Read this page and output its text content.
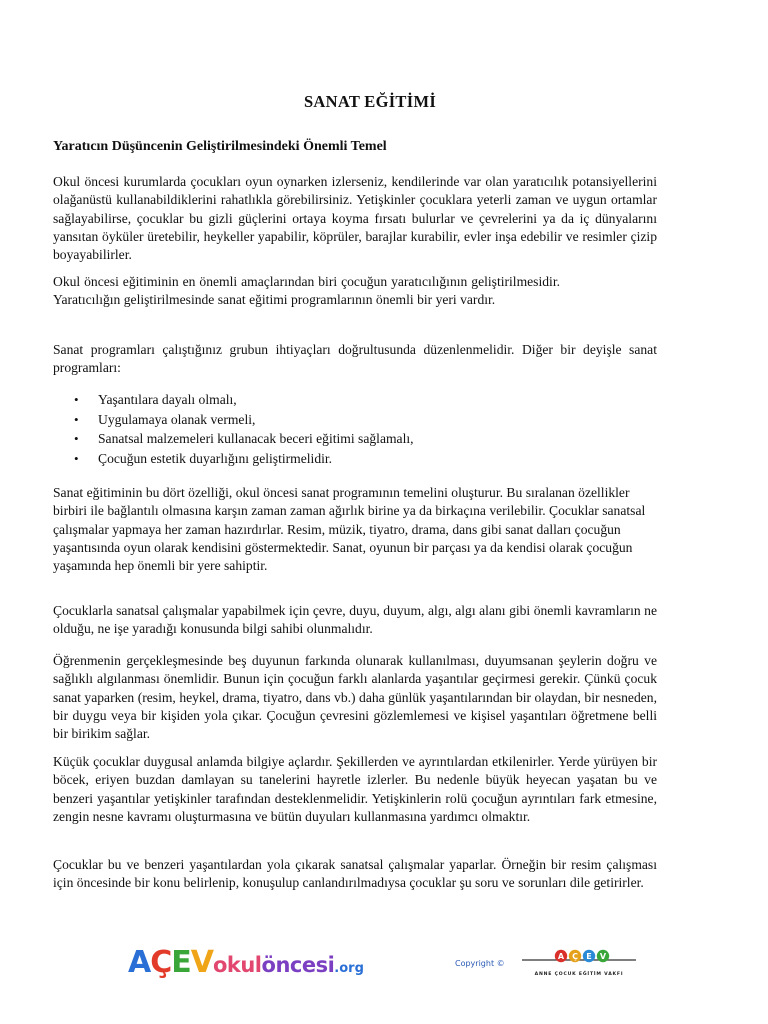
SANAT EĞİTİMİ
Yaratıcın Düşüncenin Geliştirilmesindeki Önemli Temel
Okul öncesi kurumlarda çocukları oyun oynarken izlerseniz, kendilerinde var olan yaratıcılık potansiyellerini olağanüstü kullanabildiklerini rahatlıkla görebilirsiniz. Yetişkinler çocuklara yeterli zaman ve uygun ortamlar sağlayabilirse, çocuklar bu gizli güçlerini ortaya koyma fırsatı bulurlar ve çevrelerini ya da iç dünyalarını yansıtan öyküler üretebilir, heykeller yapabilir, köprüler, barajlar kurabilir, evler inşa edebilir ve resimler çizip boyayabilirler.
Okul öncesi eğitiminin en önemli amaçlarından biri çocuğun yaratıcılığının geliştirilmesidir. Yaratıcılığın geliştirilmesinde sanat eğitimi programlarının önemli bir yeri vardır.
Sanat programları çalıştığınız grubun ihtiyaçları doğrultusunda düzenlenmelidir. Diğer bir deyişle sanat programları:
• Yaşantılara dayalı olmalı,
• Uygulamaya olanak vermeli,
• Sanatsal malzemeleri kullanacak beceri eğitimi sağlamalı,
• Çocuğun estetik duyarlığını geliştirmelidir.
Sanat eğitiminin bu dört özelliği, okul öncesi sanat programının temelini oluşturur. Bu sıralanan özellikler birbiri ile bağlantılı olmasına karşın zaman zaman ağırlık birine ya da birkaçına verilebilir. Çocuklar sanatsal çalışmalar yapmaya her zaman hazırdırlar. Resim, müzik, tiyatro, drama, dans gibi sanat dalları çocuğun yaşantısında oyun olarak kendisini göstermektedir. Sanat, oyunun bir parçası ya da kendisi olarak çocuğun yaşamında hep önemli bir yere sahiptir.
Çocuklarla sanatsal çalışmalar yapabilmek için çevre, duyu, duyum, algı, algı alanı gibi önemli kavramların ne olduğu, ne işe yaradığı konusunda bilgi sahibi olunmalıdır.
Öğrenmenin gerçekleşmesinde beş duyunun farkında olunarak kullanılması, duyumsanan şeylerin doğru ve sağlıklı algılanması önemlidir. Bunun için çocuğun farklı alanlarda yaşantılar geçirmesi gerekir. Çünkü çocuk sanat yaparken (resim, heykel, drama, tiyatro, dans vb.) daha günlük yaşantılarından bir olaydan, bir nesneden, bir duygu veya bir kişiden yola çıkar. Çocuğun çevresini gözlemlemesi ve kişisel yaşantıları öğretmene belli bir birikim sağlar.
Küçük çocuklar duygusal anlamda bilgiye açlardır. Şekillerden ve ayrıntılardan etkilenirler. Yerde yürüyen bir böcek, eriyen buzdan damlayan su tanelerini hayretle izlerler. Bu nedenle büyük heyecan yaşatan bu ve benzeri yaşantılar yetişkinler tarafından desteklenmelidir. Yetişkinlerin rolü çocuğun ayrıntıları fark etmesine, zengin nesne kavramı oluşturmasına ve bütün duyuları kullanmasına yardımcı olmaktır.
Çocuklar bu ve benzeri yaşantılardan yola çıkarak sanatsal çalışmalar yaparlar. Örneğin bir resim çalışması için öncesinde bir konu belirlenip, konuşulup canlandırılmadıysa çocuklar şu soru ve sorunları dile getirirler.
AÇEVokulöncesi.org	Copyright ©
A Ç E V
ANNE ÇOCUK EĞİTİM VAKFI
